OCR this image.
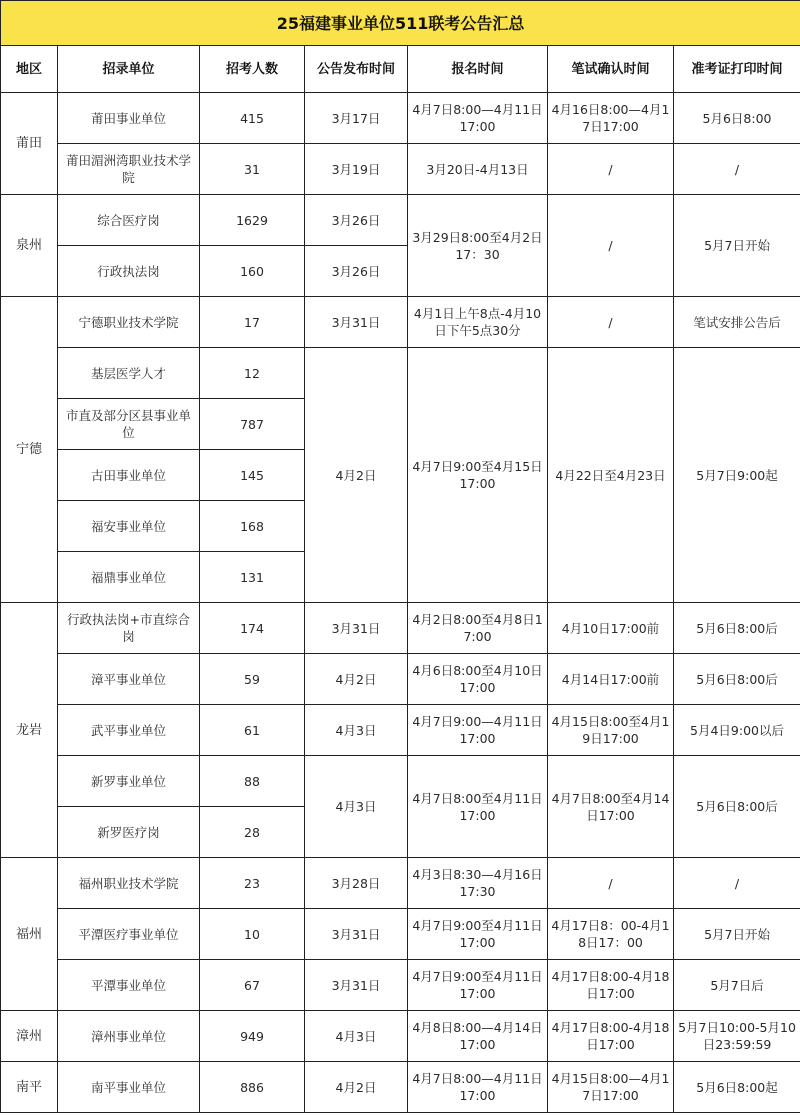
25福建事业单位511联考公告汇总						
地区	招录单位	招考人数	公告发布时间	报名时间	笔试确认时间	准考证打印时间
莆田	莆田事业单位	415	3月17日	4月7日8:00—4月11日17:00	4月16日8:00—4月17日17:00	5月6日8:00
	莆田湄洲湾职业技术学院	31	3月19日	3月20日-4月13日	/	/
泉州	综合医疗岗	1629	3月26日	3月29日8:00至4月2日17：30	/	5月7日开始
	行政执法岗	160	3月26日			
宁德	宁德职业技术学院	17	3月31日	4月1日上午8点-4月10日下午5点30分	/	笔试安排公告后
	基层医学人才	12	4月2日	4月7日9:00至4月15日17:00	4月22日至4月23日	5月7日9:00起
	市直及部分区县事业单位	787				
	古田事业单位	145				
	福安事业单位	168				
	福鼎事业单位	131				
龙岩	行政执法岗+市直综合岗	174	3月31日	4月2日8:00至4月8日17:00	4月10日17:00前	5月6日8:00后
	漳平事业单位	59	4月2日	4月6日8:00至4月10日17:00	4月14日17:00前	5月6日8:00后
	武平事业单位	61	4月3日	4月7日9:00—4月11日17:00	4月15日8:00至4月19日17:00	5月4日9:00以后
	新罗事业单位	88	4月3日	4月7日8:00至4月11日17:00	4月7日8:00至4月14日17:00	5月6日8:00后
	新罗医疗岗	28				
福州	福州职业技术学院	23	3月28日	4月3日8:30—4月16日17:30	/	/
	平潭医疗事业单位	10	3月31日	4月7日9:00至4月11日17:00	4月17日8：00-4月18日17：00	5月7日开始
	平潭事业单位	67	3月31日	4月7日9:00至4月11日17:00	4月17日8:00-4月18日17:00	5月7日后
漳州	漳州事业单位	949	4月3日	4月8日8:00—4月14日17:00	4月17日8:00-4月18日17:00	5月7日10:00-5月10日23:59:59
南平	南平事业单位	886	4月2日	4月7日8:00—4月11日17:00	4月15日8:00—4月17日17:00	5月6日8:00起
